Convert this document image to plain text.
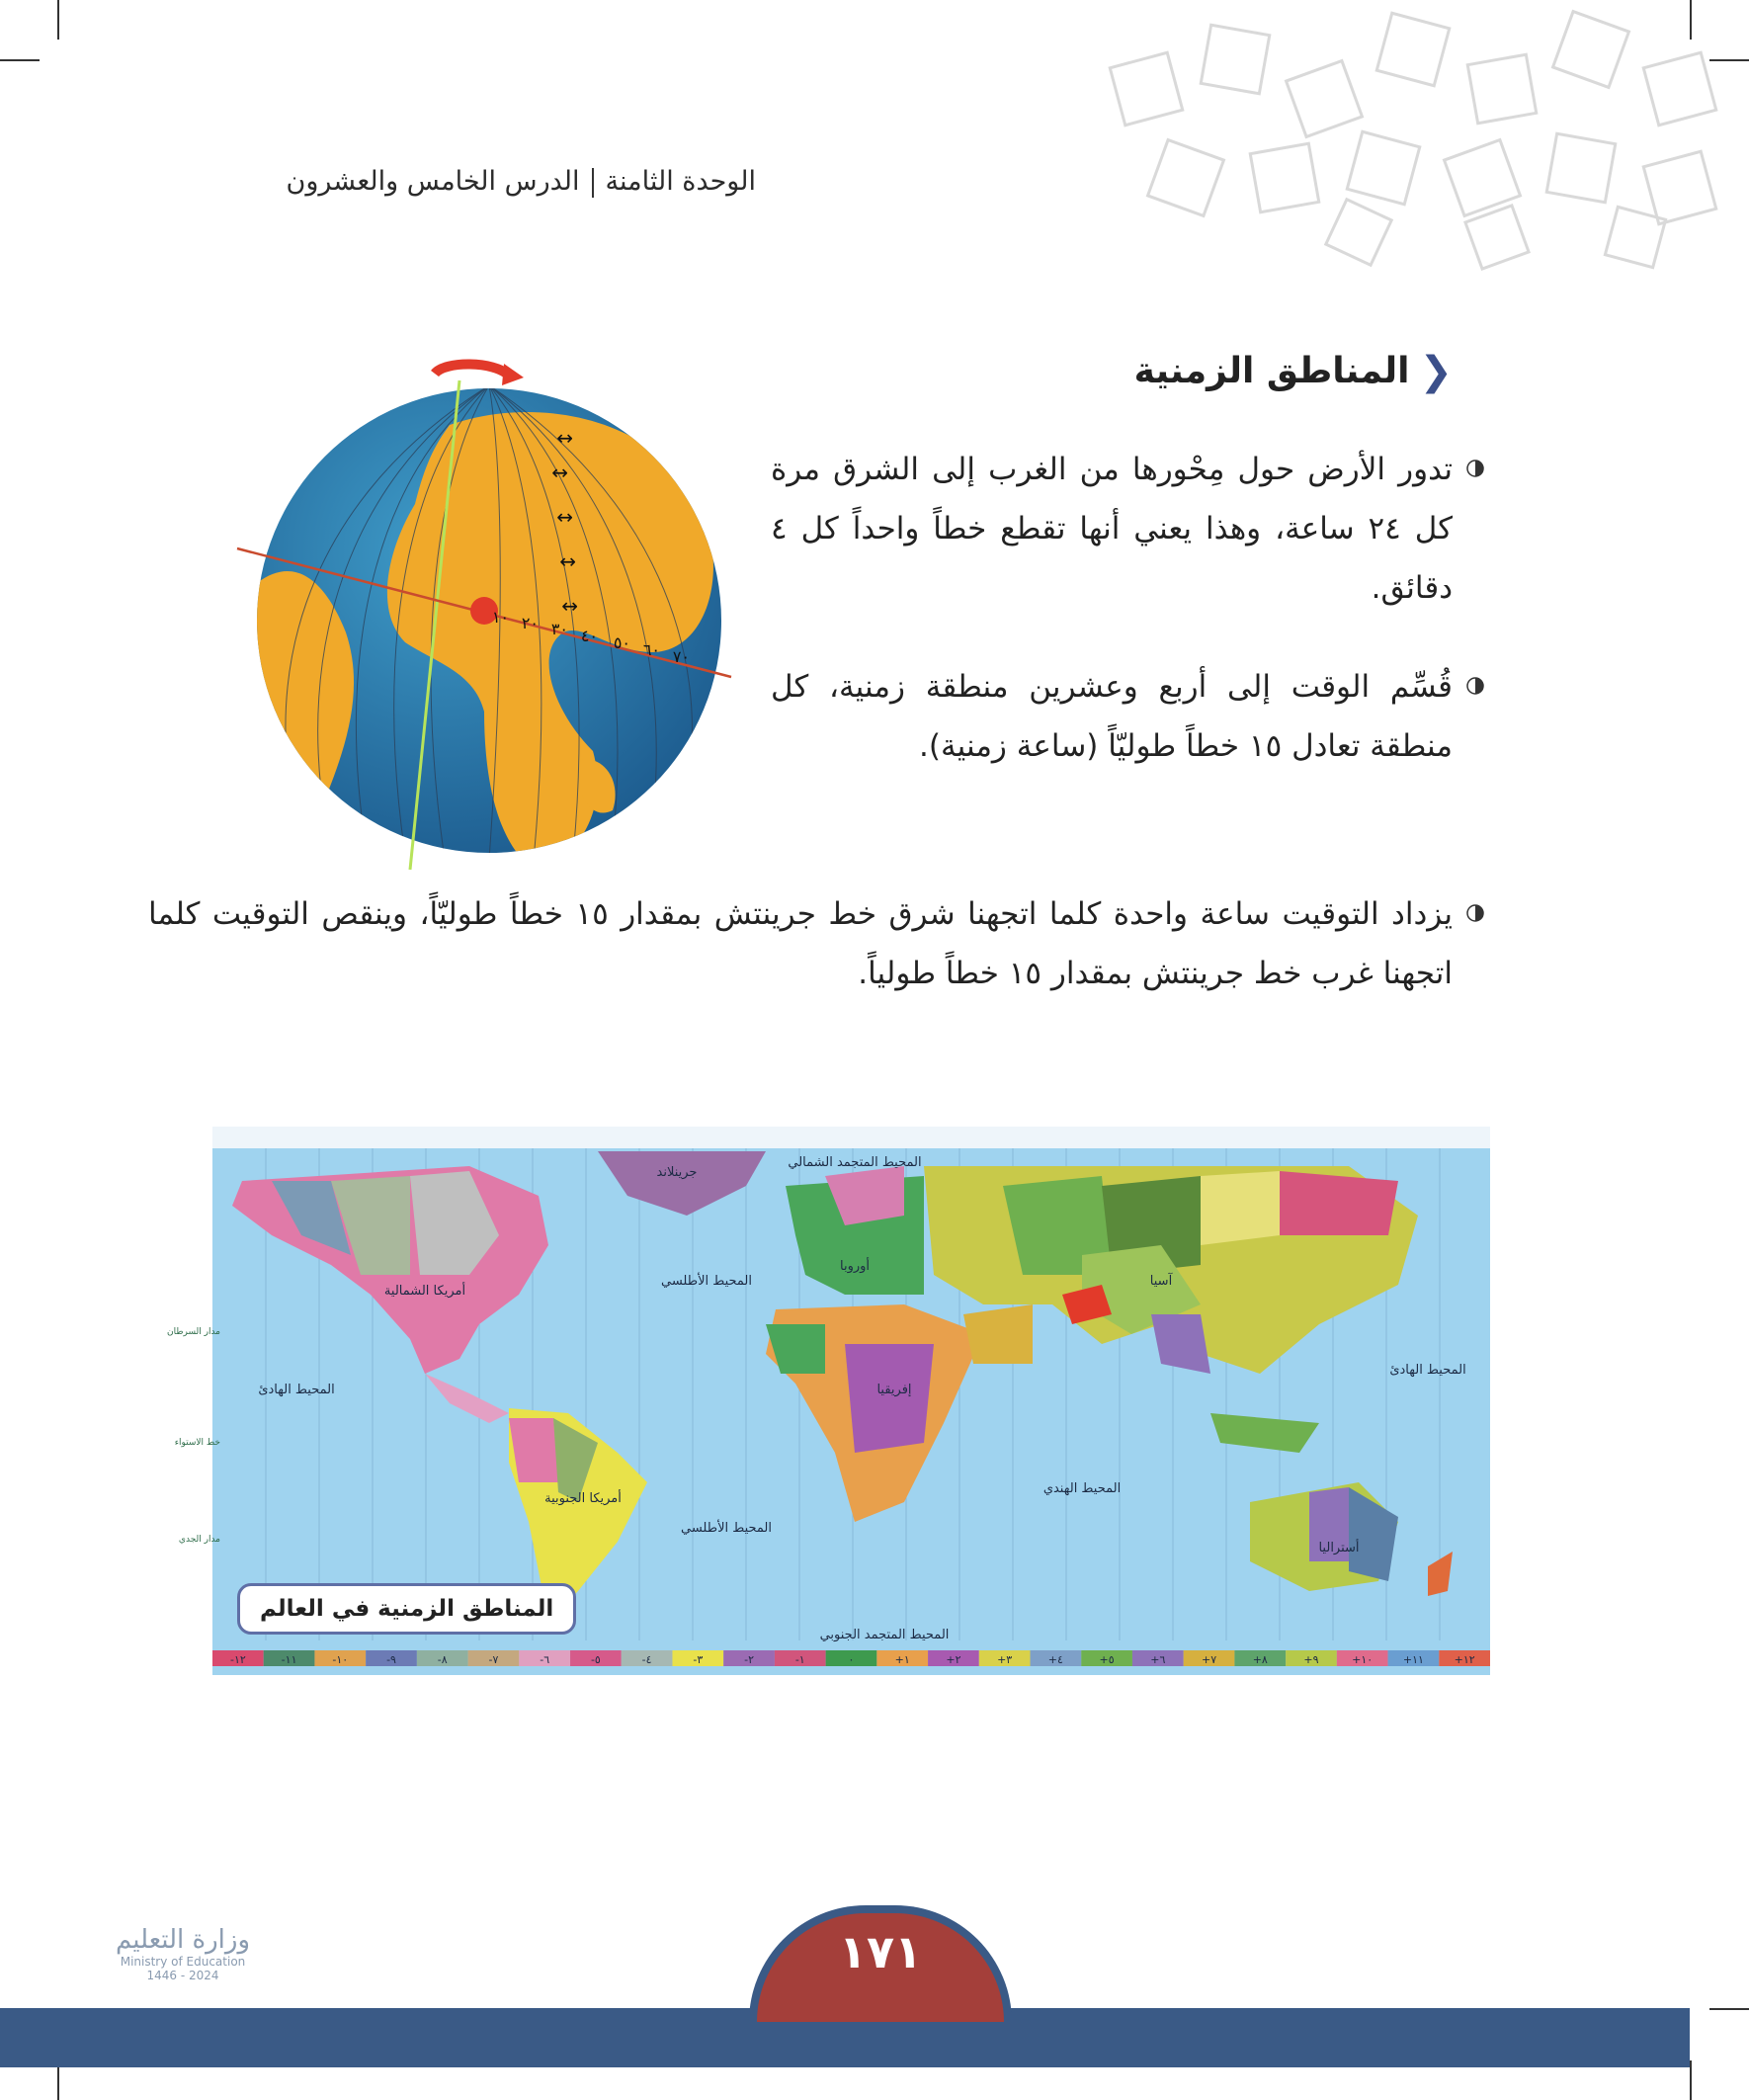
الوحدة الثامنةالدرس الخامس والعشرون
❮
المناطق الزمنية
تدور الأرض حول مِحْورها من الغرب إلى الشرق مرة كل ٢٤ ساعة، وهذا يعني أنها تقطع خطاً واحداً كل ٤ دقائق.
قُسِّم الوقت إلى أربع وعشرين منطقة زمنية، كل منطقة تعادل ١٥ خطاً طوليّاً (ساعة زمنية).
يزداد التوقيت ساعة واحدة كلما اتجهنا شرق خط جرينتش بمقدار ١٥ خطاً طوليّاً، وينقص التوقيت كلما اتجهنا غرب خط جرينتش بمقدار ١٥ خطاً طولياً.
١٠ ٢٠ ٣٠ ٤٠ ٥٠ ٦٠ ٧٠
↔
↔
↔
↔
↔
جرينلاند
المحيط المتجمد الشمالي
أمريكا الشمالية
أمريكا الجنوبية
أوروبا
آسيا
إفريقيا
أستراليا
المحيط الأطلسي
المحيط الأطلسي
المحيط الهادئ
المحيط الهادئ
المحيط الهندي
المحيط المتجمد الجنوبي
مدار السرطان
خط الاستواء
مدار الجدي
١٢-	١١-	١٠-	٩-	٨-	٧-	٦-	٥-	٤-	٣-	٢-	١-	٠	١+	٢+	٣+	٤+	٥+	٦+	٧+	٨+	٩+	١٠+	١١+	١٢+
المناطق الزمنية في العالم
١٧١
وزارة التعليم
Ministry of Education
2024 - 1446
